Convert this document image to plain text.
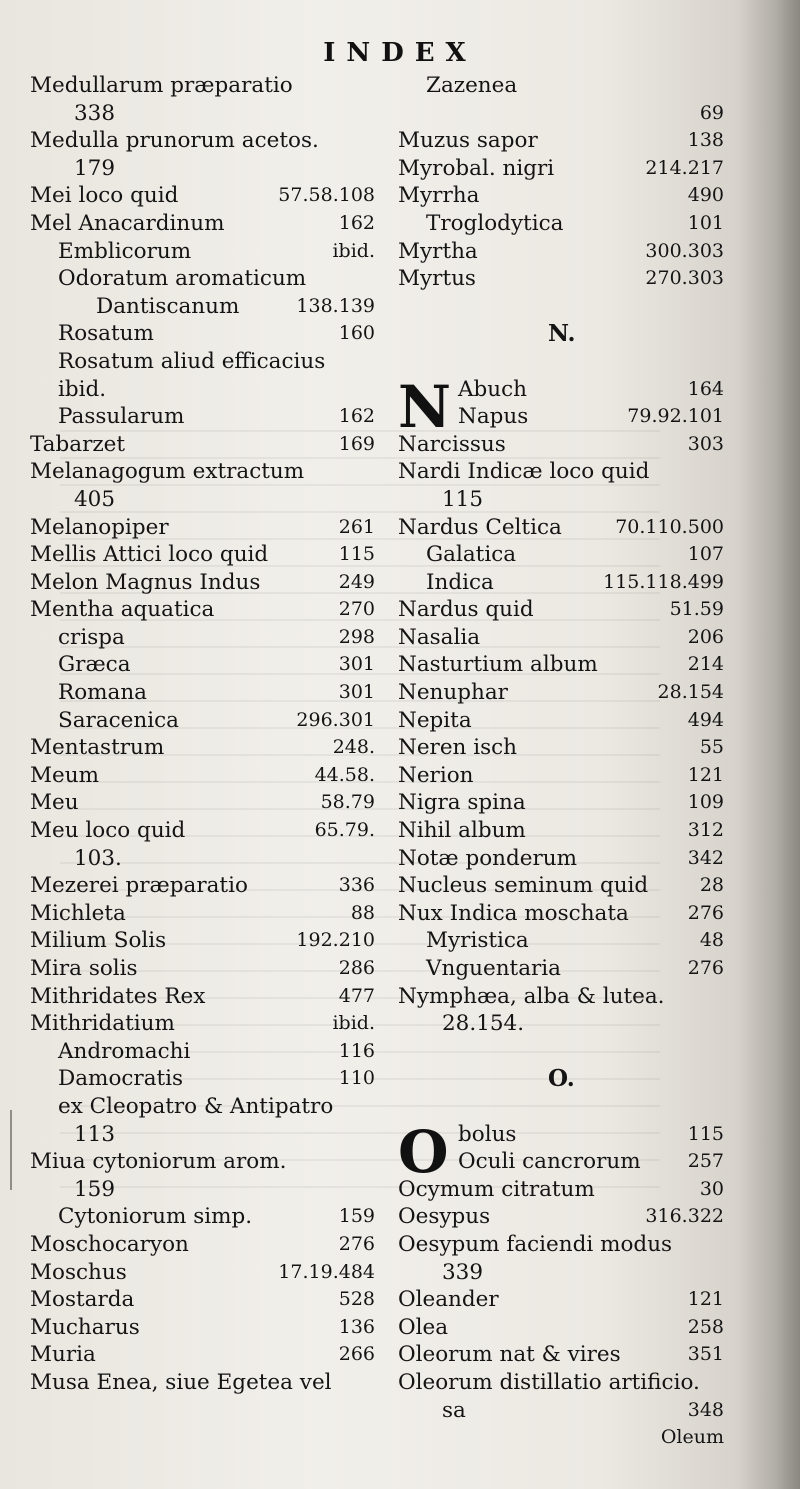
INDEX
Medullarum præparatio
338
Medulla prunorum acetos.
179
Mei loco quid	57.58.108
Mel Anacardinum	162
Emblicorum	ibid.
Odoratum aromaticum
Dantiscanum	138.139
Rosatum	160
Rosatum aliud efficacius
ibid.
Passularum	162
Tabarzet	169
Melanagogum extractum
405
Melanopiper	261
Mellis Attici loco quid	115
Melon Magnus Indus	249
Mentha aquatica	270
crispa	298
Græca	301
Romana	301
Saracenica	296.301
Mentastrum	248.
Meum	44.58.
Meu	58.79
Meu loco quid	65.79.
103.
Mezerei præparatio	336
Michleta	88
Milium Solis	192.210
Mira solis	286
Mithridates Rex	477
Mithridatium	ibid.
Andromachi	116
Damocratis	110
ex Cleopatro & Antipatro
113
Miua cytoniorum arom.
159
Cytoniorum simp.	159
Moschocaryon	276
Moschus	17.19.484
Mostarda	528
Mucharus	136
Muria	266
Musa Enea, siue Egetea vel
Zazenea
69
Muzus sapor	138
Myrobal. nigri	214.217
Myrrha	490
Troglodytica	101
Myrtha	300.303
Myrtus	270.303
N.
N Abuch	164
Napus	79.92.101
Narcissus	303
Nardi Indicæ loco quid
115
Nardus Celtica	70.110.500
Galatica	107
Indica	115.118.499
Nardus quid	51.59
Nasalia	206
Nasturtium album	214
Nenuphar	28.154
Nepita	494
Neren isch	55
Nerion	121
Nigra spina	109
Nihil album	312
Notæ ponderum	342
Nucleus seminum quid	28
Nux Indica moschata	276
Myristica	48
Vnguentaria	276
Nymphæa, alba & lutea.
28.154.
O.
O bolus	115
Oculi cancrorum 257
Ocymum citratum	30
Oesypus	316.322
Oesypum faciendi modus
339
Oleander	121
Olea	258
Oleorum nat & vires	351
Oleorum distillatio artificio.
sa	348
Oleum
